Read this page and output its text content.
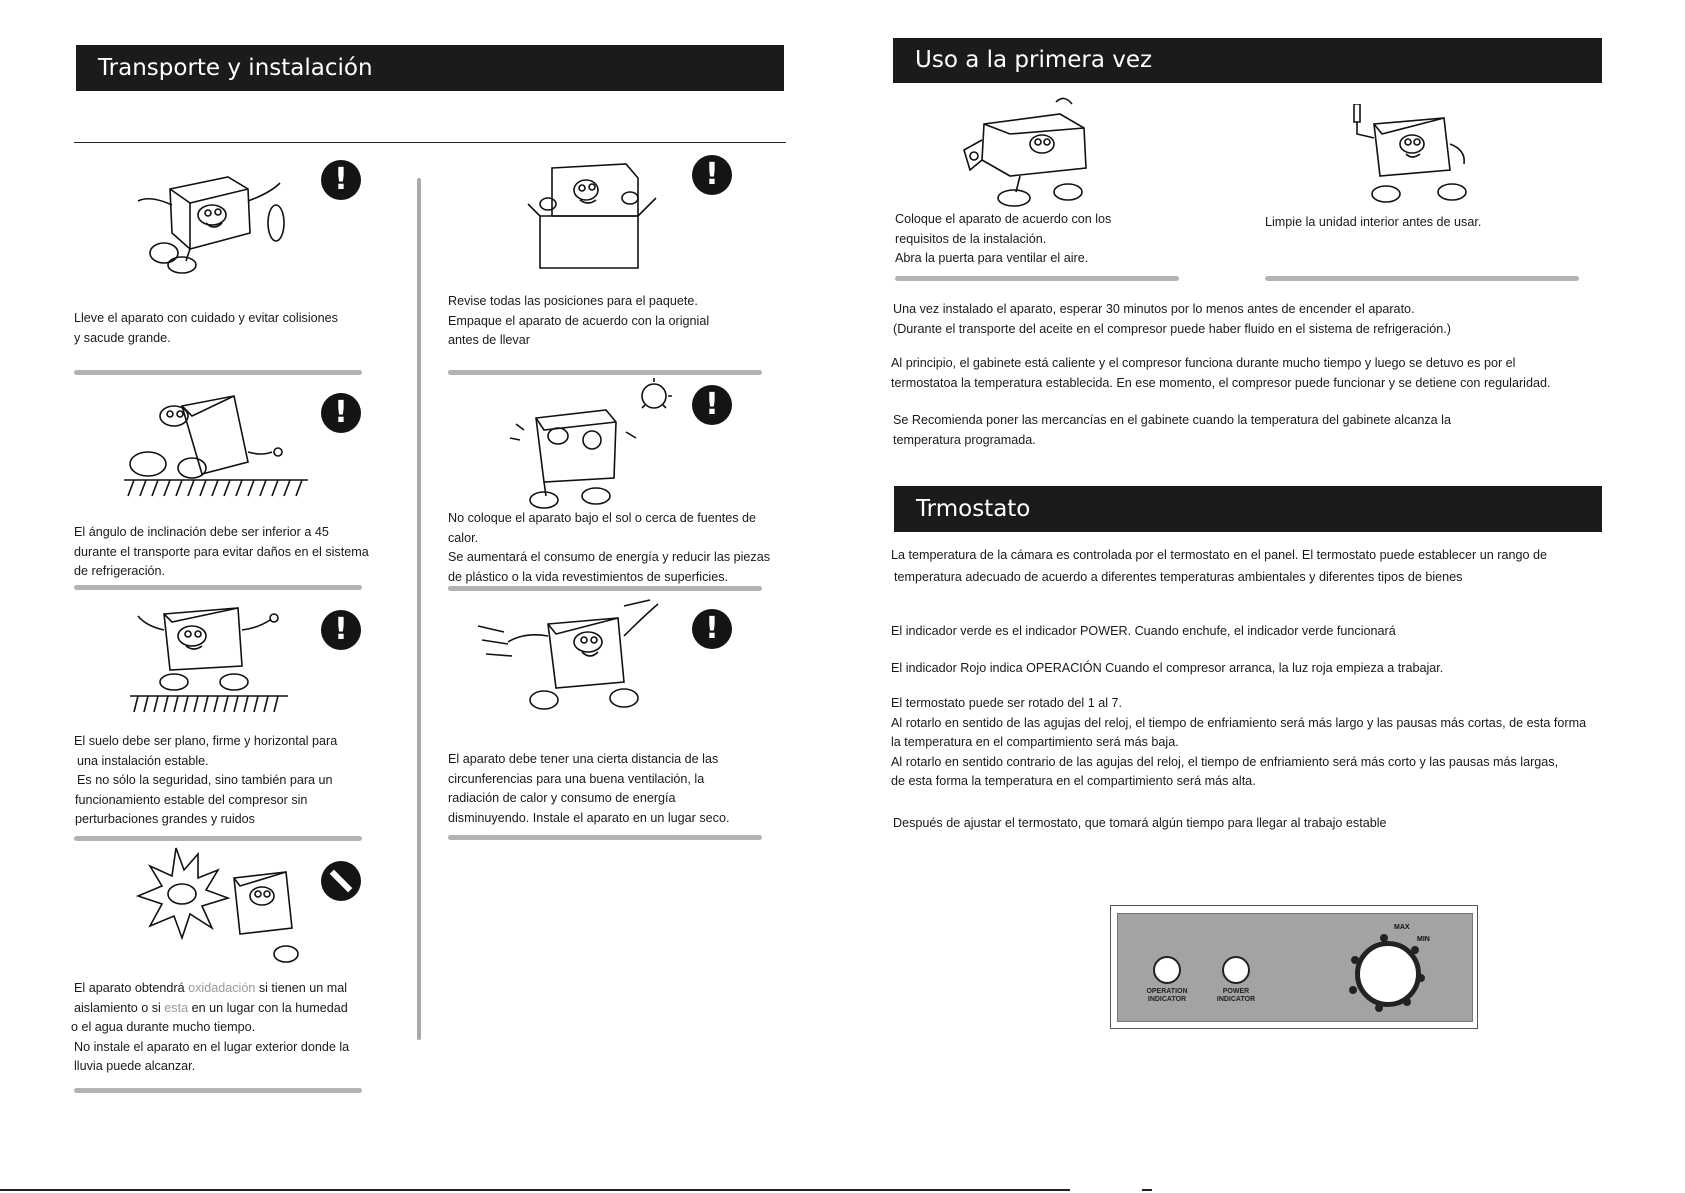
Transporte y instalación
!
Lleve el aparato con cuidado y evitar colisiones
y sacude grande.
!
Revise todas las posiciones para el paquete.
Empaque el aparato de acuerdo con la orignial
antes de llevar
!
El ángulo de inclinación debe ser inferior a 45
durante el transporte para evitar daños en el sistema
de refrigeración.
!
No coloque el aparato bajo el sol o cerca de fuentes de
calor.
Se aumentará el consumo de energía y reducir las piezas
de plástico o la vida revestimientos de superficies.
!
El suelo debe ser plano, firme y horizontal para
una instalación estable.
Es no sólo la seguridad, sino también para un
funcionamiento estable del compresor sin
perturbaciones grandes y ruidos
!
El aparato debe tener una cierta distancia de las
circunferencias para una buena ventilación, la
radiación de calor y consumo de energía
disminuyendo. Instale el aparato en un lugar seco.
El aparato obtendrá oxidadación si tienen un mal
aislamiento o si esta en un lugar con la humedad
o el agua durante mucho tiempo.
No instale el aparato en el lugar exterior donde la
lluvia puede alcanzar.
Uso a la primera vez
Coloque el aparato de acuerdo con los
requisitos de la instalación.
Abra la puerta para ventilar el aire.
Limpie la unidad interior antes de usar.
Una vez instalado el aparato, esperar 30 minutos por lo menos antes de encender el aparato.
(Durante el transporte del aceite en el compresor puede haber fluido en el sistema de refrigeración.)
Al principio, el gabinete está caliente y el compresor funciona durante mucho tiempo y luego se detuvo es por el
termostatoa la temperatura establecida. En ese momento, el compresor puede funcionar y se detiene con regularidad.
Se Recomienda poner las mercancías en el gabinete cuando la temperatura del gabinete alcanza la
temperatura programada.
Trmostato
La temperatura de la cámara es controlada por el termostato en el panel. El termostato puede establecer un rango de
temperatura adecuado de acuerdo a diferentes temperaturas ambientales y diferentes tipos de bienes
El indicador verde es el indicador POWER. Cuando enchufe, el indicador verde funcionará
El indicador Rojo indica OPERACIÓN Cuando el compresor arranca, la luz roja empieza a trabajar.
El termostato puede ser rotado del 1 al 7.
Al rotarlo en sentido de las agujas del reloj, el tiempo de enfriamiento será más largo y las pausas más cortas, de esta forma
la temperatura en el compartimiento será más baja.
Al rotarlo en sentido contrario de las agujas del reloj, el tiempo de enfriamiento será más corto y las pausas más largas,
de esta forma la temperatura en el compartimiento será más alta.
Después de ajustar el termostato, que tomará algún tiempo para llegar al trabajo estable
OPERATION
INDICATOR
POWER
INDICATOR
MAX
MIN
